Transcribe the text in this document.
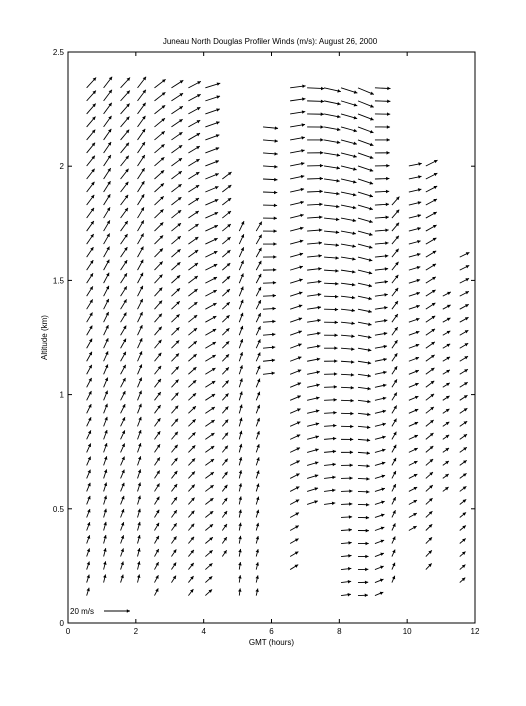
Juneau North Douglas Profiler Winds (m/s): August 26, 2000
0	2	4	6	8	10	12
0
0.5
1
1.5
2
2.5
GMT (hours)
Altitude (km)
20 m/s
